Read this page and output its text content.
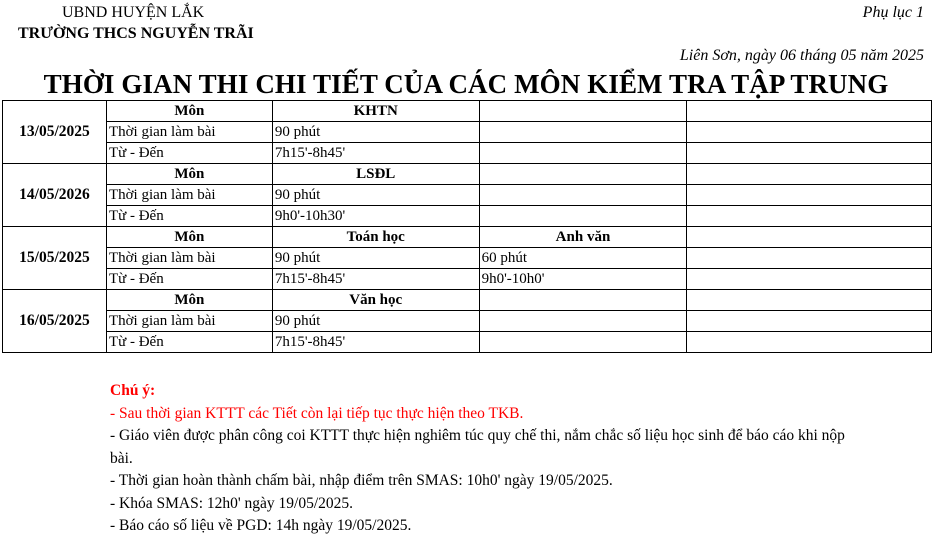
UBND HUYỆN LẮK
TRƯỜNG THCS NGUYỄN TRÃI
Phụ lục 1
Liên Sơn, ngày 06 tháng 05 năm 2025
THỜI GIAN THI CHI TIẾT CỦA CÁC MÔN KIỂM TRA TẬP TRUNG
13/05/2025	Môn	KHTN		
	Thời gian làm bài	90 phút		
	Từ - Đến	7h15'-8h45'		
14/05/2026	Môn	LSĐL		
	Thời gian làm bài	90 phút		
	Từ - Đến	9h0'-10h30'		
15/05/2025	Môn	Toán học	Anh văn	
	Thời gian làm bài	90 phút	60 phút	
	Từ - Đến	7h15'-8h45'	9h0'-10h0'	
16/05/2025	Môn	Văn học		
	Thời gian làm bài	90 phút		
	Từ - Đến	7h15'-8h45'		
Chú ý:
- Sau thời gian KTTT các Tiết còn lại tiếp tục thực hiện theo TKB.
- Giáo viên được phân công coi KTTT thực hiện nghiêm túc quy chế thi, nắm chắc số liệu học sinh để báo cáo khi nộp
bài.
- Thời gian hoàn thành chấm bài, nhập điểm trên SMAS: 10h0' ngày 19/05/2025.
- Khóa SMAS: 12h0' ngày 19/05/2025.
- Báo cáo số liệu về PGD: 14h ngày 19/05/2025.
